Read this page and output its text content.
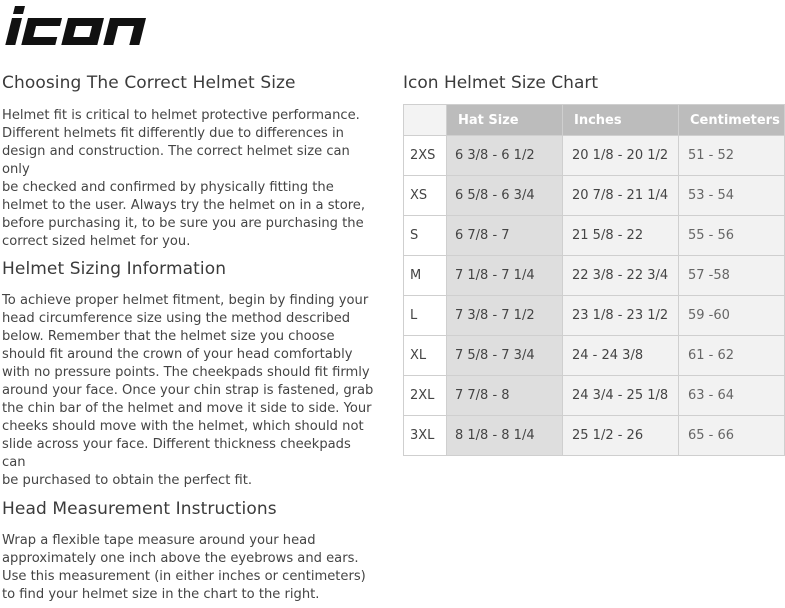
Choosing The Correct Helmet Size

Helmet fit is critical to helmet protective performance.
Different helmets fit differently due to differences in
design and construction. The correct helmet size can only
be checked and confirmed by physically fitting the
helmet to the user. Always try the helmet on in a store,
before purchasing it, to be sure you are purchasing the
correct sized helmet for you.

Helmet Sizing Information

To achieve proper helmet fitment, begin by finding your
head circumference size using the method described
below. Remember that the helmet size you choose
should fit around the crown of your head comfortably
with no pressure points. The cheekpads should fit firmly
around your face. Once your chin strap is fastened, grab
the chin bar of the helmet and move it side to side. Your
cheeks should move with the helmet, which should not
slide across your face. Different thickness cheekpads can
be purchased to obtain the perfect fit.

Head Measurement Instructions

Wrap a flexible tape measure around your head
approximately one inch above the eyebrows and ears.
Use this measurement (in either inches or centimeters)
to find your helmet size in the chart to the right.

Icon Helmet Size Chart
	Hat Size	Inches	Centimeters
2XS	6 3/8 - 6 1/2	20 1/8 - 20 1/2	51 - 52
XS	6 5/8 - 6 3/4	20 7/8 - 21 1/4	53 - 54
S	6 7/8 - 7	21 5/8 - 22	55 - 56
M	7 1/8 - 7 1/4	22 3/8 - 22 3/4	57 -58
L	7 3/8 - 7 1/2	23 1/8 - 23 1/2	59 -60
XL	7 5/8 - 7 3/4	24 - 24 3/8	61 - 62
2XL	7 7/8 - 8	24 3/4 - 25 1/8	63 - 64
3XL	8 1/8 - 8 1/4	25 1/2 - 26	65 - 66
